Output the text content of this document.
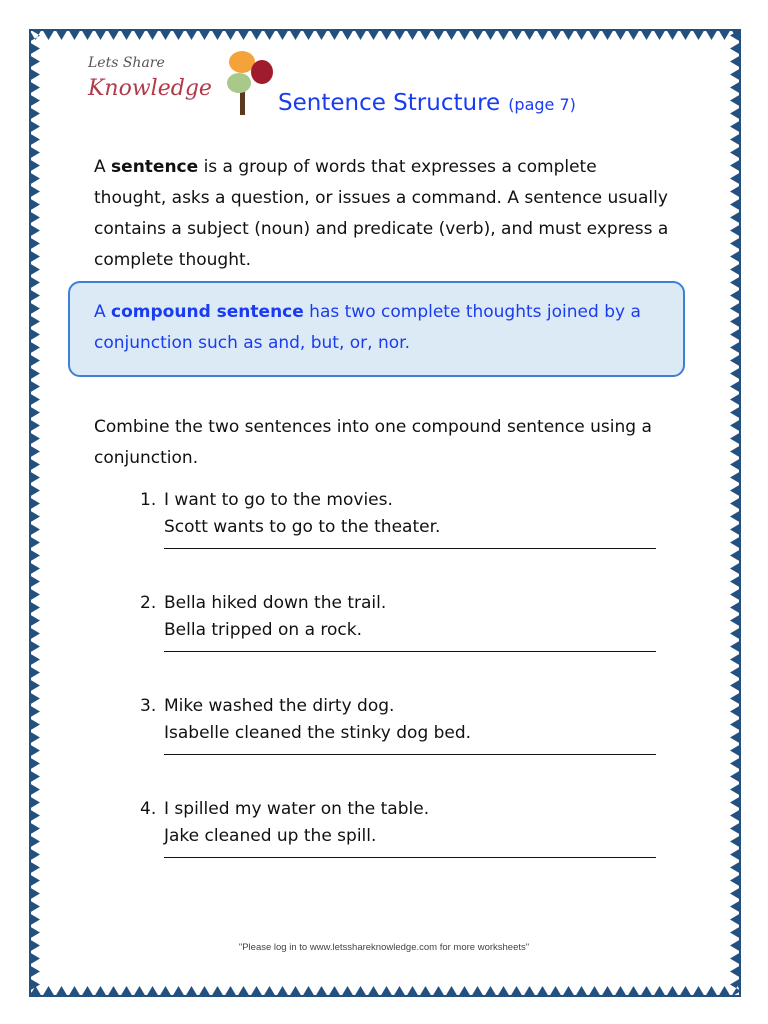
Lets Share
Knowledge
Sentence Structure (page 7)
A sentence is a group of words that expresses a complete thought, asks a question, or issues a command. A sentence usually contains a subject (noun) and predicate (verb), and must express a complete thought.

A compound sentence has two complete thoughts joined by a conjunction such as and, but, or, nor.

Combine the two sentences into one compound sentence using a conjunction.
1. I want to go to the movies.
Scott wants to go to the theater.
2. Bella hiked down the trail.
Bella tripped on a rock.
3. Mike washed the dirty dog.
Isabelle cleaned the stinky dog bed.
4. I spilled my water on the table.
Jake cleaned up the spill.
"Please log in to www.letsshareknowledge.com for more worksheets"
